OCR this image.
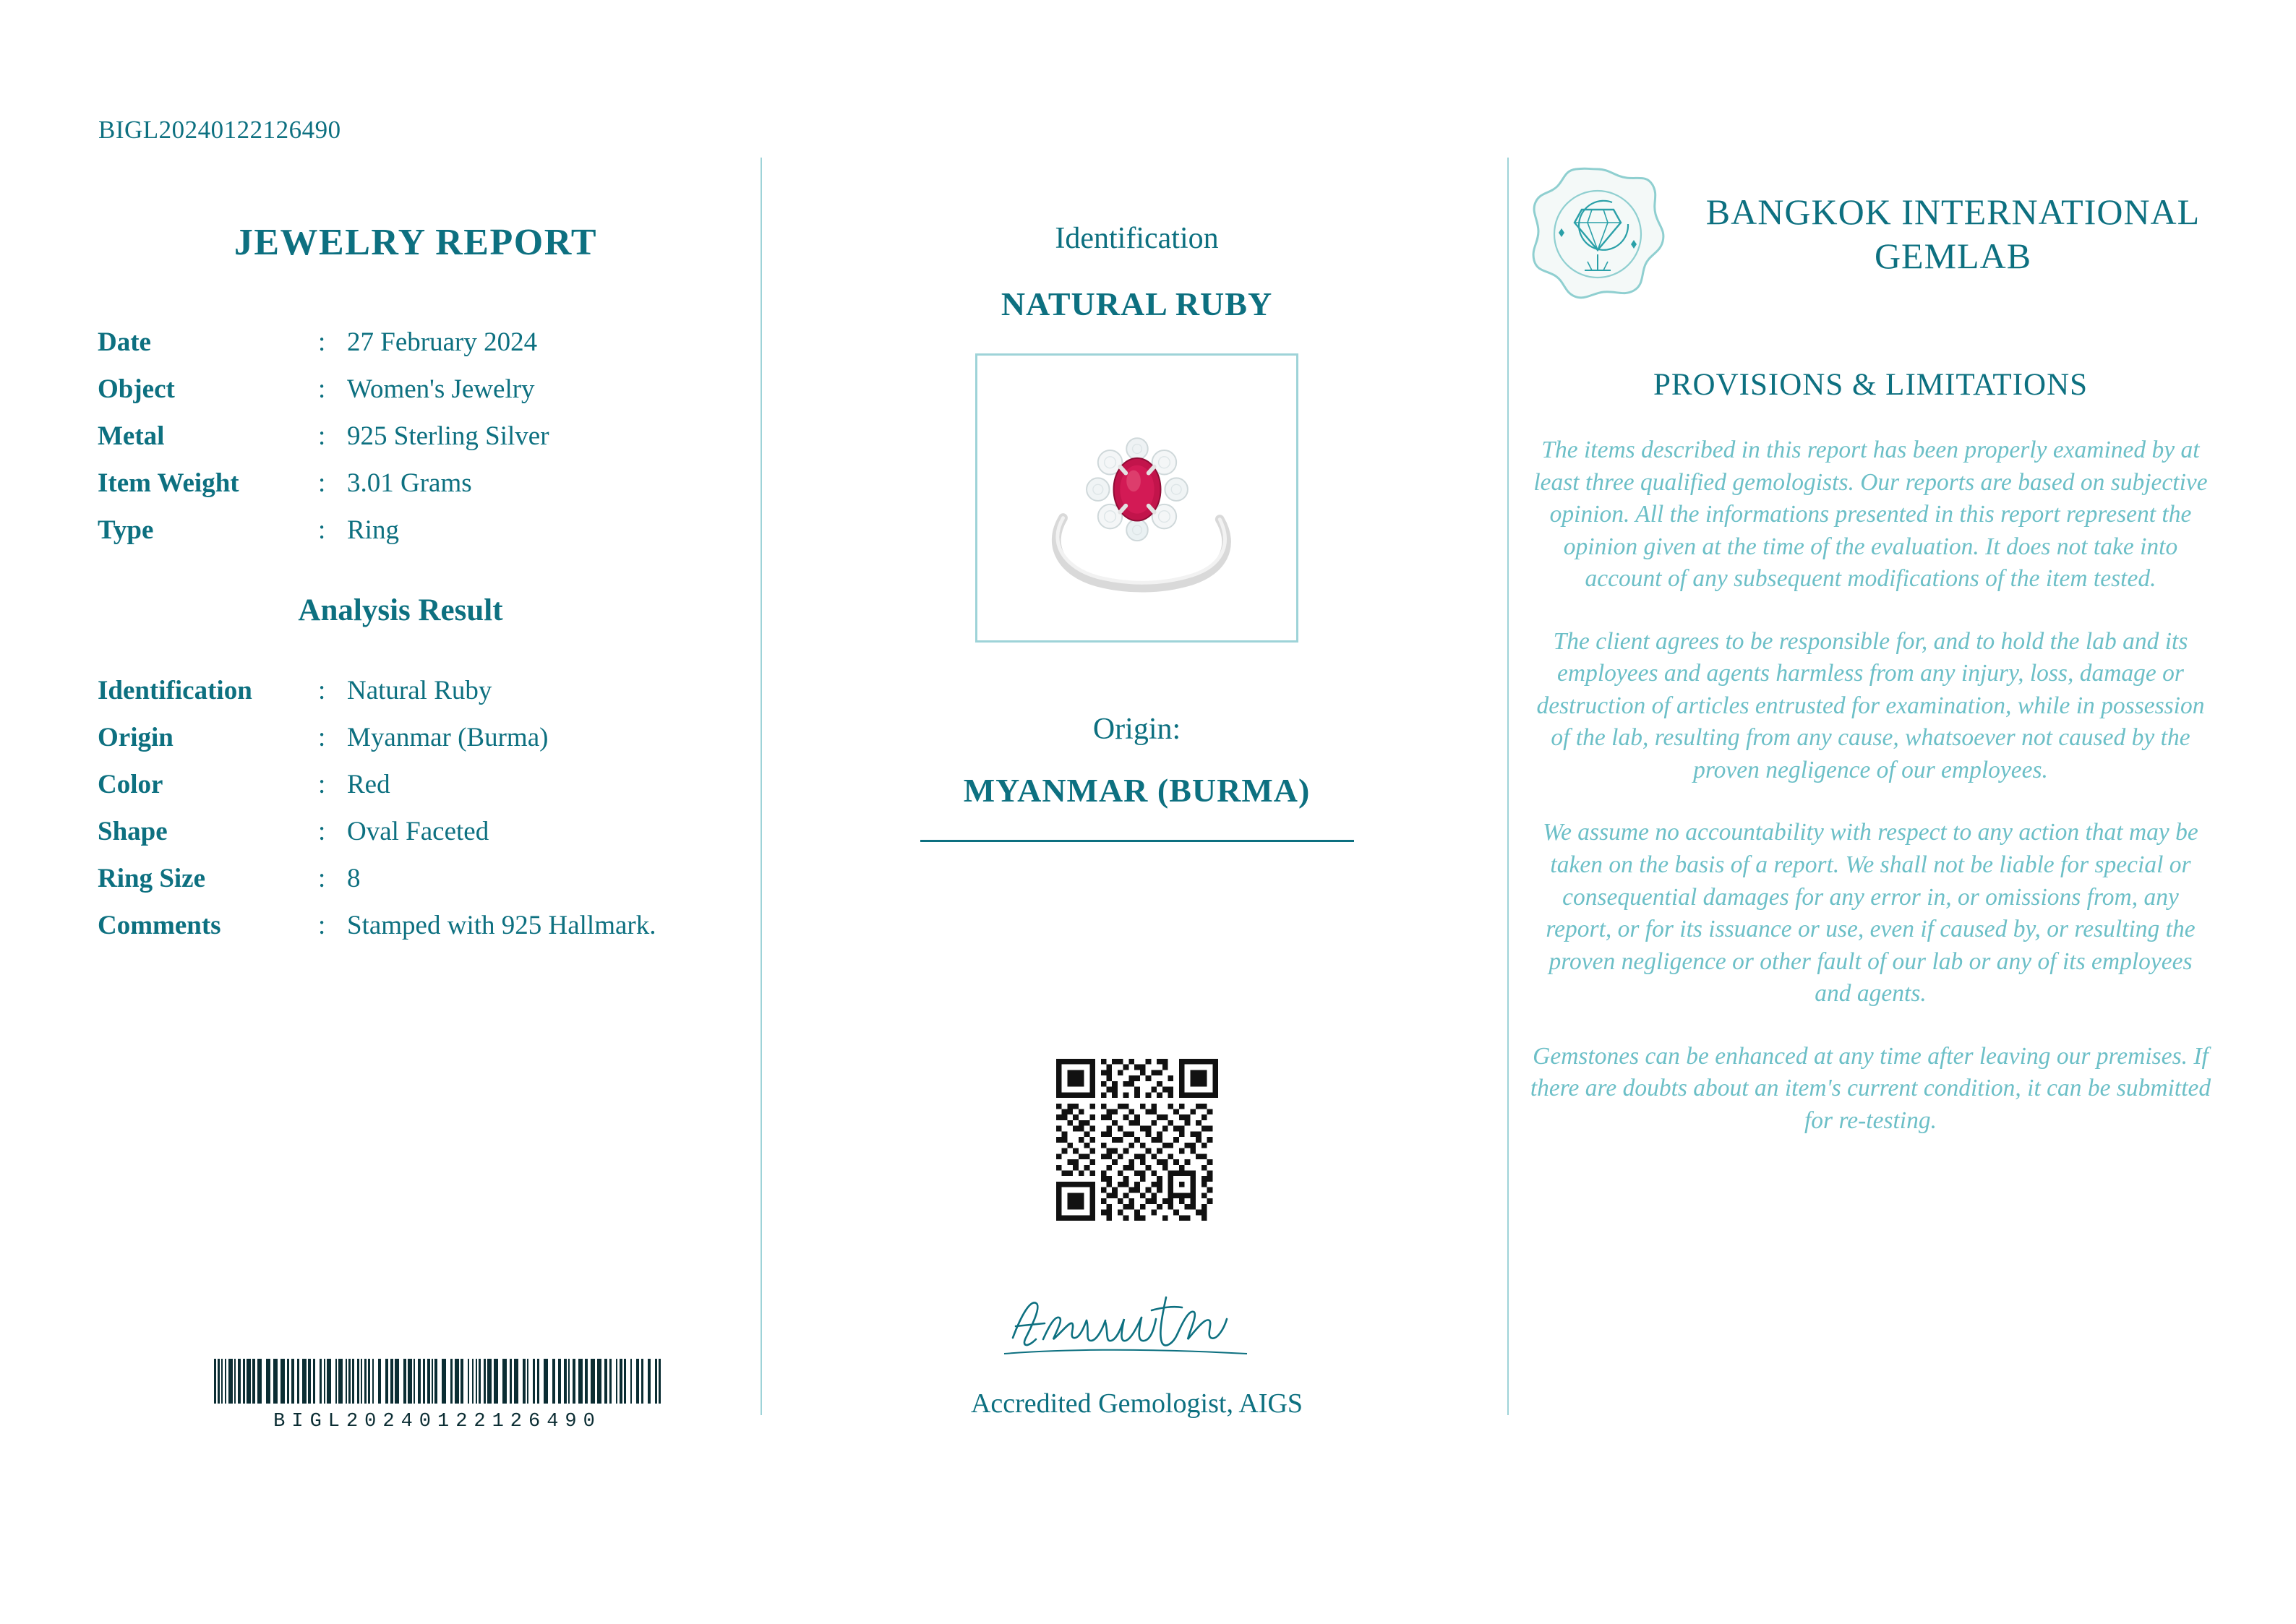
BIGL20240122126490
JEWELRY REPORT
Date	:	27 February 2024
Object	:	Women's Jewelry
Metal	:	925 Sterling Silver
Item Weight	:	3.01 Grams
Type	:	Ring
Analysis Result
Identification	:	Natural Ruby
Origin	:	Myanmar (Burma)
Color	:	Red
Shape	:	Oval Faceted
Ring Size	:	8
Comments	:	Stamped with 925 Hallmark.
BIGL20240122126490
Identification
NATURAL RUBY
Origin:
MYANMAR (BURMA)
Accredited Gemologist, AIGS
BANGKOK INTERNATIONAL GEMLAB
PROVISIONS & LIMITATIONS
The items described in this report has been properly examined by at least three qualified gemologists. Our reports are based on subjective opinion. All the informations presented in this report represent the opinion given at the time of the evaluation. It does not take into account of any subsequent modifications of the item tested.
The client agrees to be responsible for, and to hold the lab and its employees and agents harmless from any injury, loss, damage or destruction of articles entrusted for examination, while in possession of the lab, resulting from any cause, whatsoever not caused by the proven negligence of our employees.
We assume no accountability with respect to any action that may be taken on the basis of a report. We shall not be liable for special or consequential damages for any error in, or omissions from, any report, or for its issuance or use, even if caused by, or resulting the proven negligence or other fault of our lab or any of its employees and agents.
Gemstones can be enhanced at any time after leaving our premises. If there are doubts about an item's current condition, it can be submitted for re-testing.
